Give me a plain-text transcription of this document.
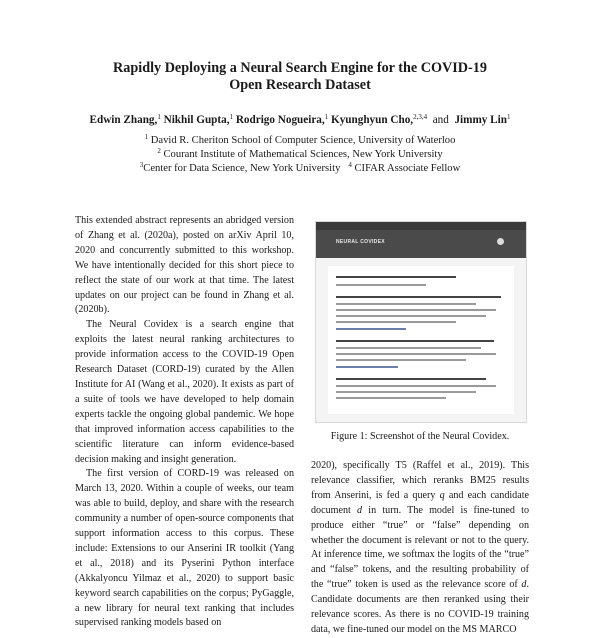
Rapidly Deploying a Neural Search Engine for the COVID-19
Open Research Dataset
Edwin Zhang,$^1$ Nikhil Gupta,$^1$ Rodrigo Nogueira,$^1$ Kyunghyun Cho,$^{2,3,4}$ and Jimmy Lin$^1$
$^1$ David R. Cheriton School of Computer Science, University of Waterloo
$^2$ Courant Institute of Mathematical Sciences, New York University
$^3$Center for Data Science, New York University $^4$ CIFAR Associate Fellow

This extended abstract represents an abridged version of Zhang et al. (2020a), posted on arXiv April 10, 2020 and concurrently submitted to this workshop. We have intentionally decided for this short piece to reflect the state of our work at that time. The latest updates on our project can be found in Zhang et al. (2020b).

The Neural Covidex is a search engine that exploits the latest neural ranking architectures to provide information access to the COVID-19 Open Research Dataset (CORD-19) curated by the Allen Institute for AI (Wang et al., 2020). It exists as part of a suite of tools we have developed to help domain experts tackle the ongoing global pandemic. We hope that improved information access capabilities to the scientific literature can inform evidence-based decision making and insight generation.

The first version of CORD-19 was released on March 13, 2020. Within a couple of weeks, our team was able to build, deploy, and share with the research community a number of open-source components that support information access to this corpus. These include: Extensions to our Anserini IR toolkit (Yang et al., 2018) and its Pyserini Python interface (Akkalyoncu Yilmaz et al., 2020) to support basic keyword search capabilities on the corpus; PyGaggle, a new library for neural text ranking that includes supervised ranking models based on

NEURAL COVIDEX
Figure 1: Screenshot of the Neural Covidex.

2020), specifically T5 (Raffel et al., 2019). This relevance classifier, which reranks BM25 results from Anserini, is fed a query q and each candidate document d in turn. The model is fine-tuned to produce either “true” or “false” depending on whether the document is relevant or not to the query. At inference time, we softmax the logits of the “true” and “false” tokens, and the resulting probability of the “true” token is used as the relevance score of d. Candidate documents are then reranked using their relevance scores. As there is no COVID-19 training data, we fine-tuned our model on the MS MARCO
